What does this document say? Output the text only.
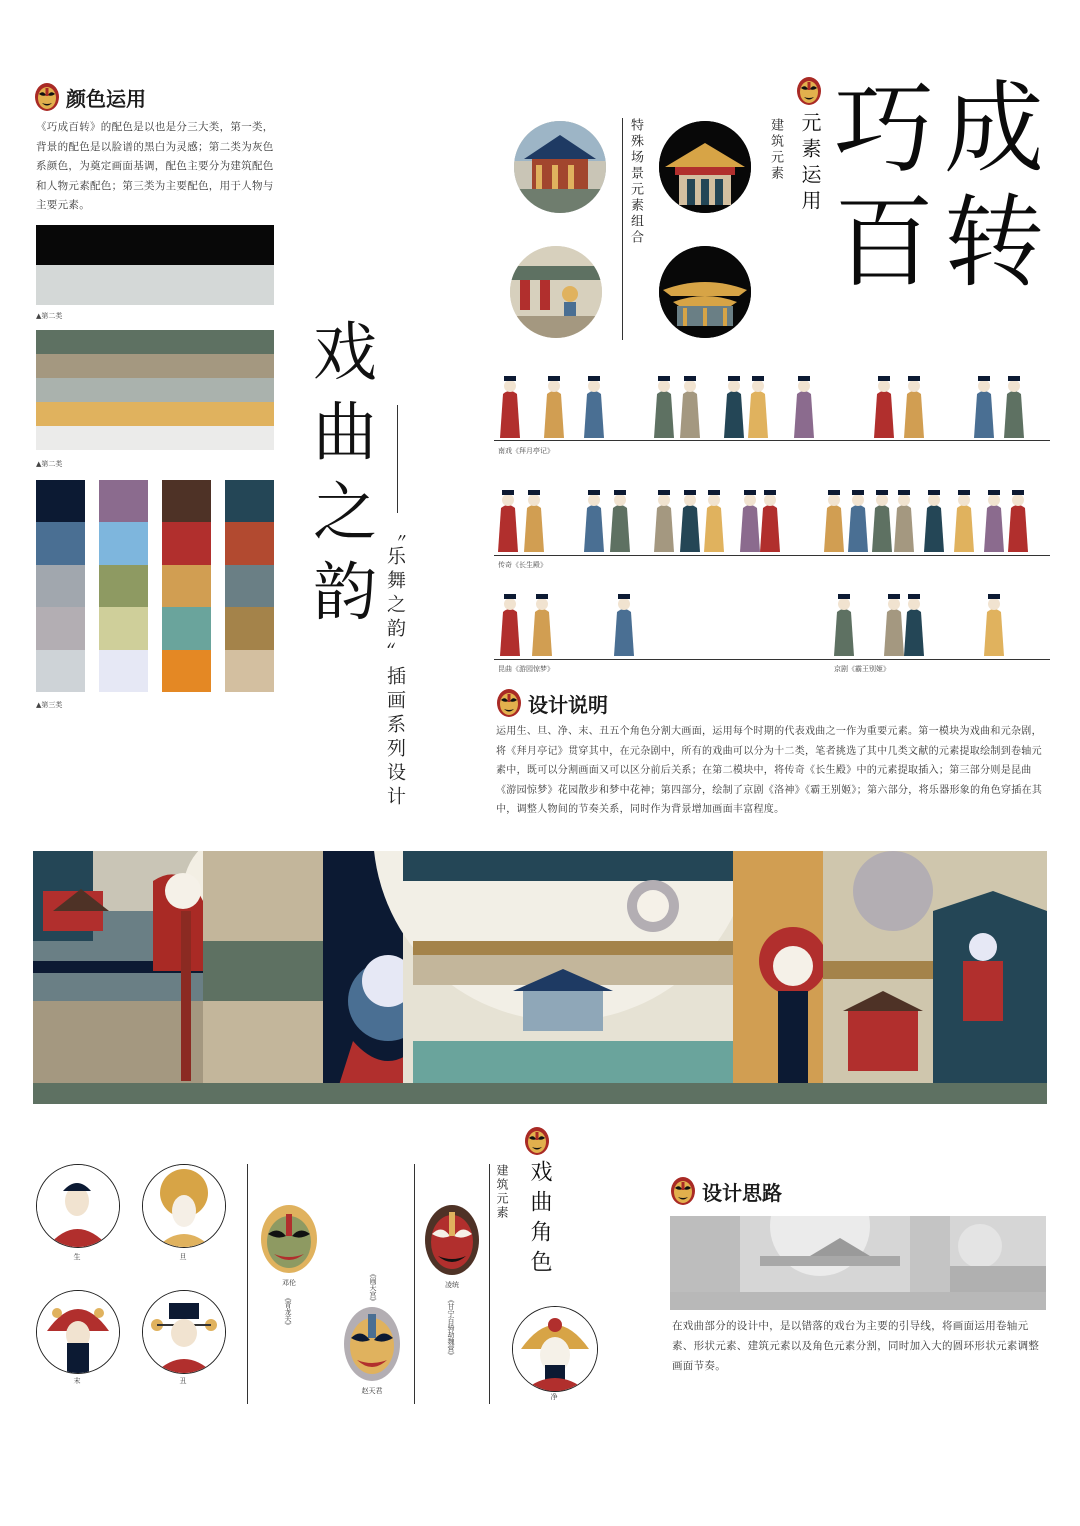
颜色运用
《巧成百转》的配色是以也是分三大类，第一类，背景的配色是以脸谱的黑白为灵感；第二类为灰色系颜色，为奠定画面基调，配色主要分为建筑配色和人物元素配色；第三类为主要配色，用于人物与主要元素。
▲第二类
▲第二类
▲第三类
戏曲之韵
〝乐舞之韵〞插画系列设计
成
巧
转
百
元素运用
建筑元素
特殊场景元素组合
南戏《拜月亭记》
传奇《长生殿》
昆曲《游园惊梦》	京剧《霸王别姬》
设计说明
运用生、旦、净、末、丑五个角色分割大画面，运用每个时期的代表戏曲之一作为重要元素。第一模块为戏曲和元杂剧，将《拜月亭记》贯穿其中，在元杂剧中，所有的戏曲可以分为十二类，笔者挑选了其中几类文献的元素提取绘制到卷轴元素中，既可以分割画面又可以区分前后关系；在第二模块中，将传奇《长生殿》中的元素提取插入；第三部分则是昆曲《游园惊梦》花园散步和梦中花神；第四部分，绘制了京剧《洛神》《霸王别姬》；第六部分，将乐器形象的角色穿插在其中，调整人物间的节奏关系，同时作为背景增加画面丰富程度。
生	旦
末	丑
邓伦
《青龙关》
《闹天宫》
赵天君
凌统
《甘宁百骑劫魏营》
建筑元素 戏曲角色
净
设计思路
在戏曲部分的设计中，是以错落的戏台为主要的引导线，将画面运用卷轴元素、形状元素、建筑元素以及角色元素分割，同时加入大的圆环形状元素调整画面节奏。
